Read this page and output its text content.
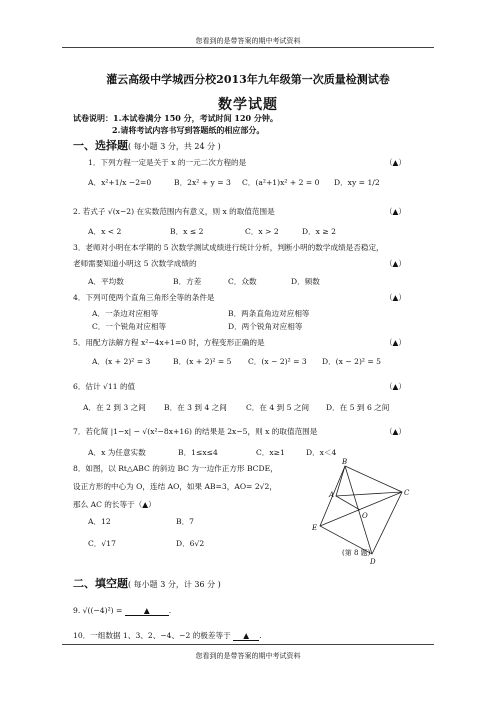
您看到的是带答案的期中考试资料
灌云高级中学城西分校2013年九年级第一次质量检测试卷
数学试题
试卷说明：1.本试卷满分 150 分，考试时间 120 分钟。
2.请将考试内容书写到答题纸的相应部分。
一、选择题( 每小题 3 分，共 24 分 )
1．下列方程一定是关于 x 的一元二次方程的是	（▲）
A．x²+1/x −2=0	B．2x² + y = 3 C．(a²+1)x² + 2 = 0 D．xy = 1/2
2. 若式子 √(x−2) 在实数范围内有意义，则 x 的取值范围是	（▲）
A．x < 2	B．x ≤ 2	C．x > 2	D．x ≥ 2
3．老师对小明在本学期的 5 次数学测试成绩进行统计分析，判断小明的数学成绩是否稳定，
老师需要知道小明这 5 次数学成绩的	（▲）
A．平均数	B．方差	C．众数	D．频数
4．下列可使两个直角三角形全等的条件是	（▲）
A．一条边对应相等	B．两条直角边对应相等
C．一个锐角对应相等	D．两个锐角对应相等
5．用配方法解方程 x²−4x+1=0 时，方程变形正确的是	（▲）
A．(x + 2)² = 3	B．(x + 2)² = 5 C．(x − 2)² = 3 D．(x − 2)² = 5
6．估计 √11 的值	（▲）
A．在 2 到 3 之间 B．在 3 到 4 之间	C．在 4 到 5 之间 D．在 5 到 6 之间
7．若化简 |1−x| − √(x²−8x+16) 的结果是 2x−5，则 x 的取值范围是	（▲）
A．x 为任意实数	B．1≤x≤4	C．x≥1	D．x＜4
8．如图，以 Rt△ABC 的斜边 BC 为一边作正方形 BCDE，
设正方形的中心为 O，连结 AO，如果 AB=3，AO= 2√2，
那么 AC 的长等于（▲）
A．12	B．7
C．√17	D．6√2
B
A	C
D
E
O
(第 8 题)
二、填空题( 每小题 3 分，计 36 分 )
9. √((−4)²) =	▲	.
10．一组数据 1、3、2、−4、−2 的极差等于 ▲ .
您看到的是带答案的期中考试资料
